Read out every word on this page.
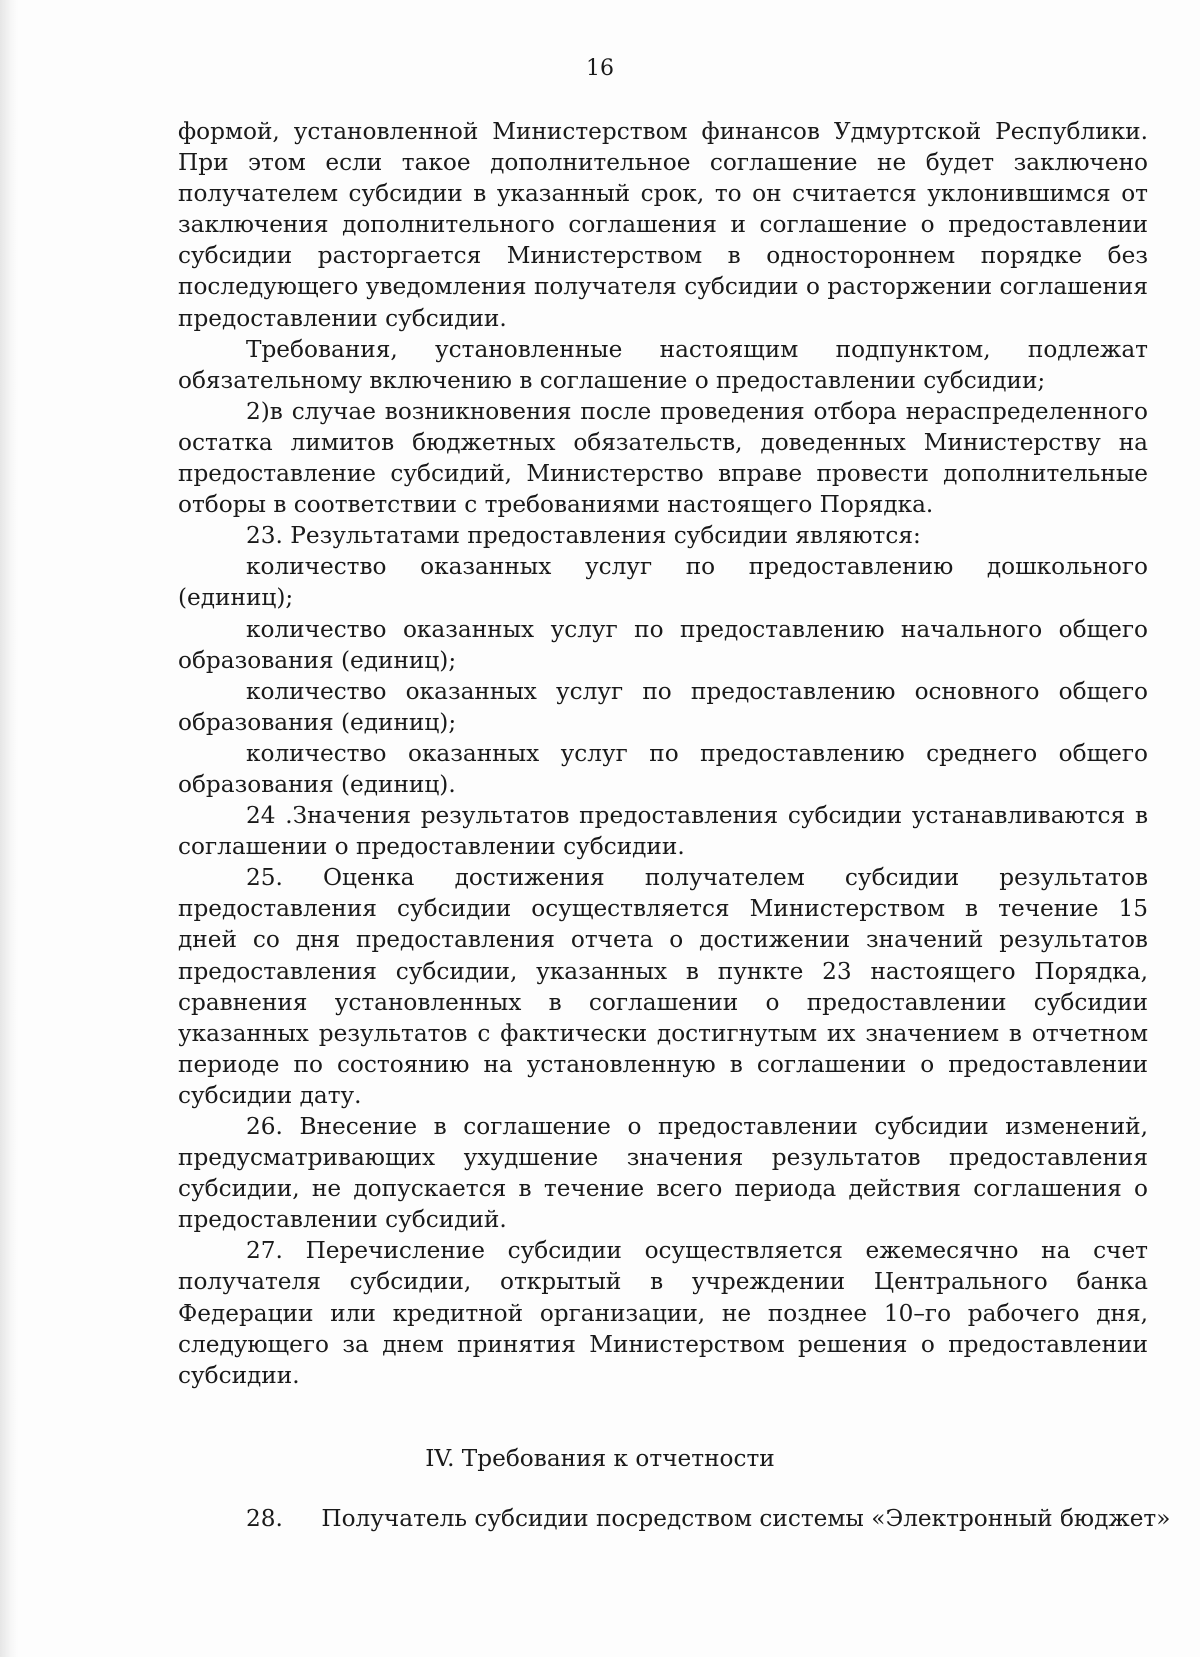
16
формой, установленной Министерством финансов Удмуртской Республики.
При этом если такое дополнительное соглашение не будет заключено
получателем субсидии в указанный срок, то он считается уклонившимся от
заключения дополнительного соглашения и соглашение о предоставлении
субсидии расторгается Министерством в одностороннем порядке без
последующего уведомления получателя субсидии о расторжении соглашения
предоставлении субсидии.
Требования, установленные настоящим подпунктом, подлежат
обязательному включению в соглашение о предоставлении субсидии;
2)в случае возникновения после проведения отбора нераспределенного
остатка лимитов бюджетных обязательств, доведенных Министерству на
предоставление субсидий, Министерство вправе провести дополнительные
отборы в соответствии с требованиями настоящего Порядка.
23. Результатами предоставления субсидии являются:
количество оказанных услуг по предоставлению дошкольного
(единиц);
количество оказанных услуг по предоставлению начального общего
образования (единиц);
количество оказанных услуг по предоставлению основного общего
образования (единиц);
количество оказанных услуг по предоставлению среднего общего
образования (единиц).
24 .Значения результатов предоставления субсидии устанавливаются в
соглашении о предоставлении субсидии.
25. Оценка достижения получателем субсидии результатов
предоставления субсидии осуществляется Министерством в течение 15
дней со дня предоставления отчета о достижении значений результатов
предоставления субсидии, указанных в пункте 23 настоящего Порядка,
сравнения установленных в соглашении о предоставлении субсидии
указанных результатов с фактически достигнутым их значением в отчетном
периоде по состоянию на установленную в соглашении о предоставлении
субсидии дату.
26. Внесение в соглашение о предоставлении субсидии изменений,
предусматривающих ухудшение значения результатов предоставления
субсидии, не допускается в течение всего периода действия соглашения о
предоставлении субсидий.
27. Перечисление субсидии осуществляется ежемесячно на счет
получателя субсидии, открытый в учреждении Центрального банка
Федерации или кредитной организации, не позднее 10–го рабочего дня,
следующего за днем принятия Министерством решения о предоставлении
субсидии.
IV. Требования к отчетности
28. Получатель субсидии посредством системы «Электронный бюджет»
